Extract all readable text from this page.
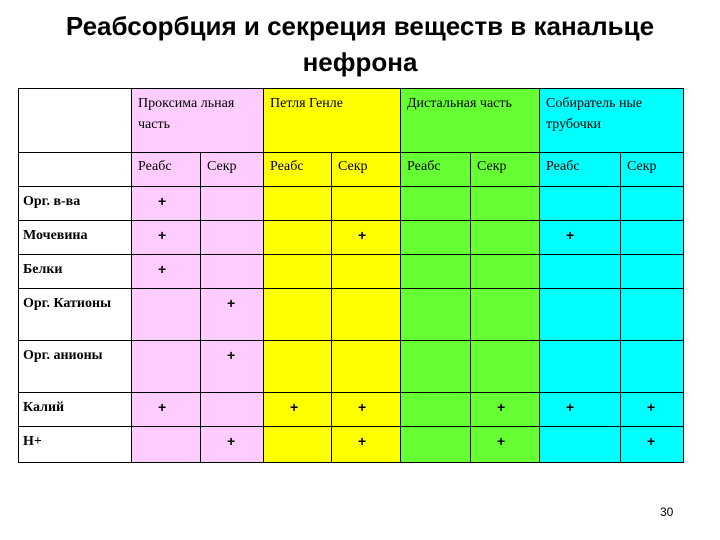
Реабсорбция и секреция веществ в канальце нефрона
	Проксима льная часть		Петля Генле		Дистальная часть		Собиратель ные трубочки	
	Реабс	Секр	Реабс	Секр	Реабс	Секр	Реабс	Секр
Орг. в-ва	+							
Мочевина	+			+			+	
Белки	+							
Орг. Катионы		+						
Орг. анионы		+						
Калий	+		+	+		+	+	+
H+		+		+		+		+
30
